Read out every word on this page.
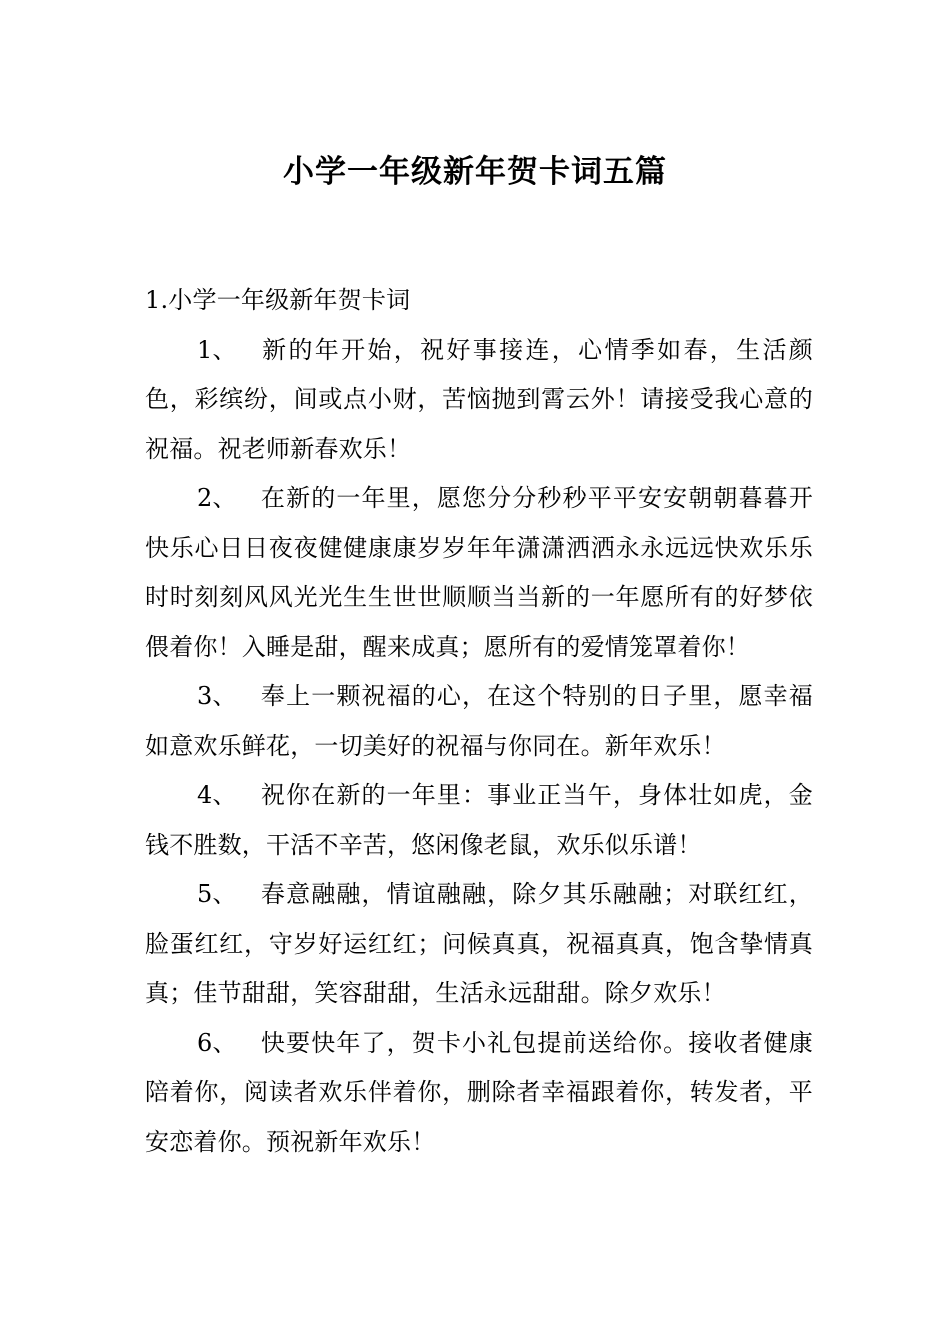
小学一年级新年贺卡词五篇
1.小学一年级新年贺卡词

1、 新的年开始，祝好事接连，心情季如春，生活颜色，彩缤纷，间或点小财，苦恼抛到霄云外！请接受我心意的祝福。祝老师新春欢乐！

2、 在新的一年里，愿您分分秒秒平平安安朝朝暮暮开快乐心日日夜夜健健康康岁岁年年潇潇洒洒永永远远快欢乐乐时时刻刻风风光光生生世世顺顺当当新的一年愿所有的好梦依偎着你！入睡是甜，醒来成真；愿所有的爱情笼罩着你！

3、 奉上一颗祝福的心，在这个特别的日子里，愿幸福如意欢乐鲜花，一切美好的祝福与你同在。新年欢乐！

4、 祝你在新的一年里：事业正当午，身体壮如虎，金钱不胜数，干活不辛苦，悠闲像老鼠，欢乐似乐谱！

5、 春意融融，情谊融融，除夕其乐融融；对联红红，脸蛋红红，守岁好运红红；问候真真，祝福真真，饱含挚情真真；佳节甜甜，笑容甜甜，生活永远甜甜。除夕欢乐！

6、 快要快年了，贺卡小礼包提前送给你。接收者健康陪着你，阅读者欢乐伴着你，删除者幸福跟着你，转发者，平安恋着你。预祝新年欢乐！
